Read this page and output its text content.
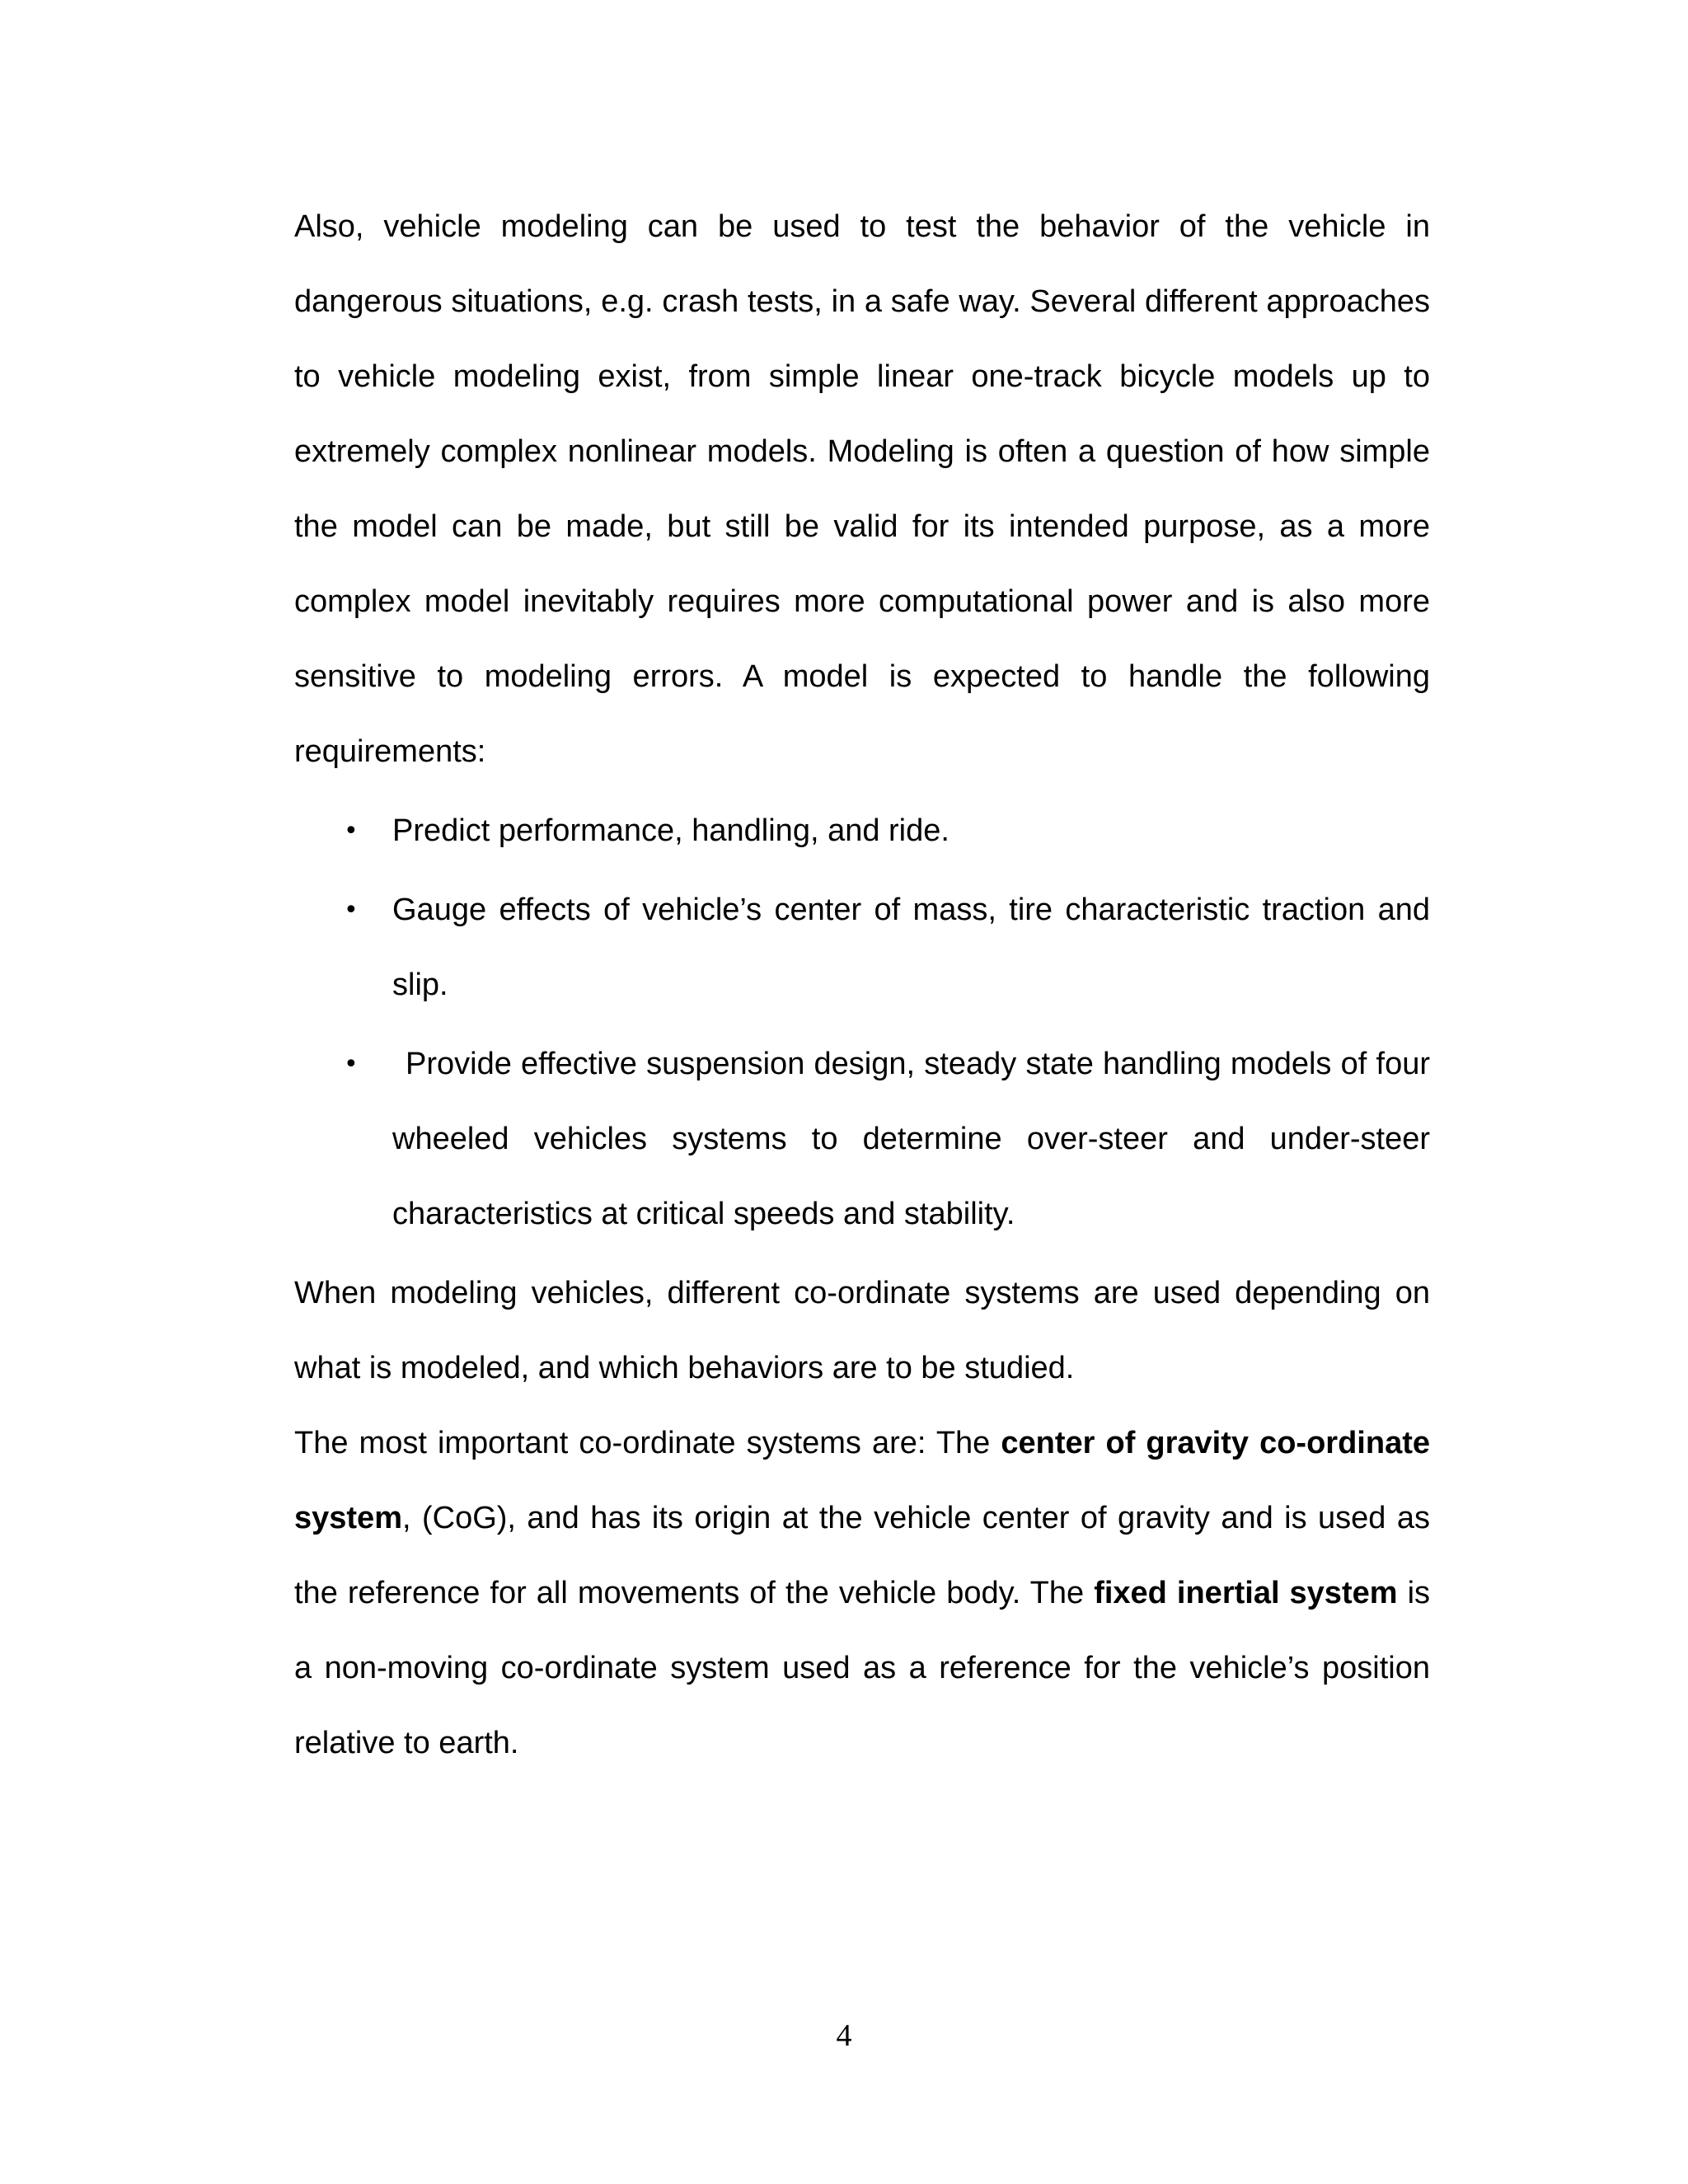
Also, vehicle modeling can be used to test the behavior of the vehicle in dangerous situations, e.g. crash tests, in a safe way. Several different approaches to vehicle modeling exist, from simple linear one-track bicycle models up to extremely complex nonlinear models. Modeling is often a question of how simple the model can be made, but still be valid for its intended purpose, as a more complex model inevitably requires more computational power and is also more sensitive to modeling errors. A model is expected to handle the following requirements:

• Predict performance, handling, and ride.
• Gauge effects of vehicle’s center of mass, tire characteristic traction and slip.
• Provide effective suspension design, steady state handling models of four wheeled vehicles systems to determine over-steer and under-steer characteristics at critical speeds and stability.

When modeling vehicles, different co-ordinate systems are used depending on what is modeled, and which behaviors are to be studied.

The most important co-ordinate systems are: The center of gravity co-ordinate system, (CoG), and has its origin at the vehicle center of gravity and is used as the reference for all movements of the vehicle body. The fixed inertial system is a non-moving co-ordinate system used as a reference for the vehicle’s position relative to earth.

4
